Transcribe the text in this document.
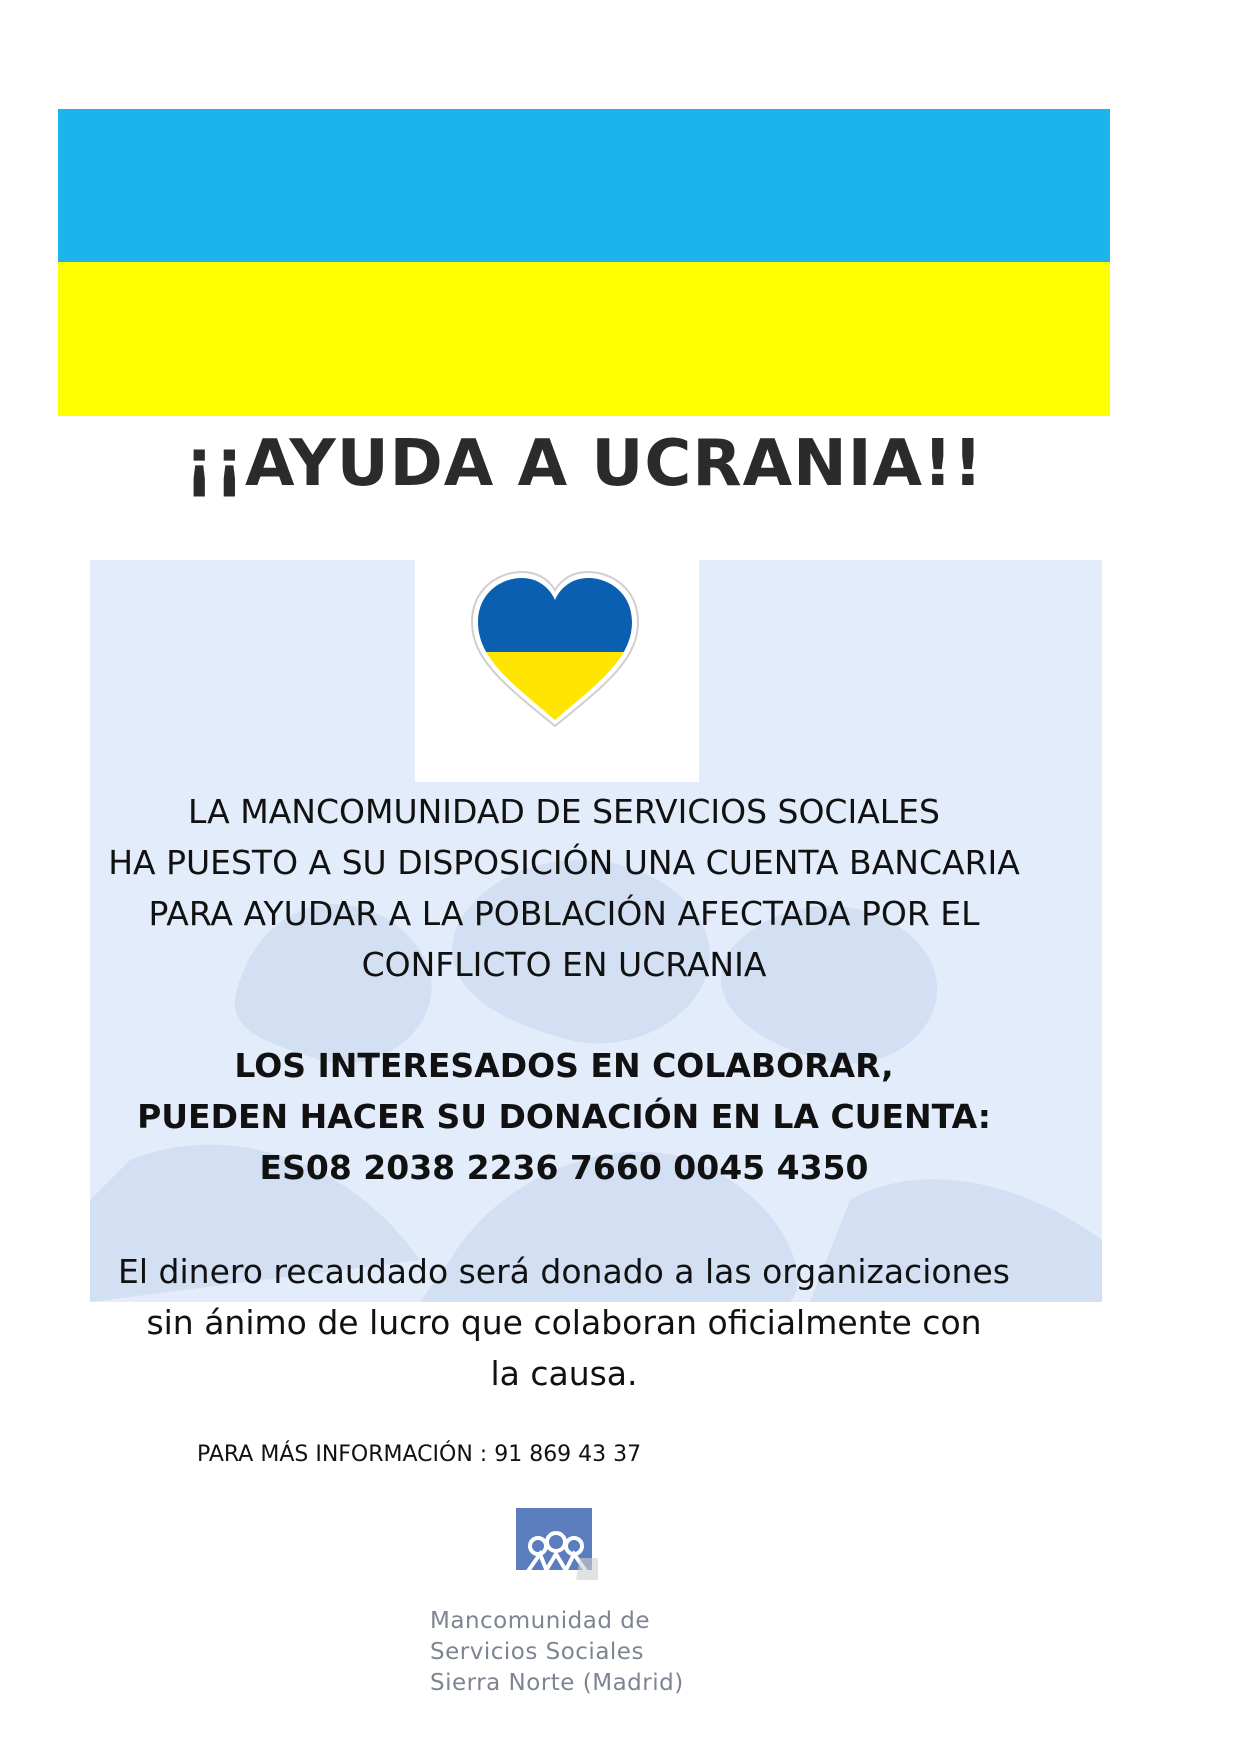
¡¡AYUDA A UCRANIA!!
LA MANCOMUNIDAD DE SERVICIOS SOCIALES
HA PUESTO A SU DISPOSICIÓN UNA CUENTA BANCARIA
PARA AYUDAR A LA POBLACIÓN AFECTADA POR EL
CONFLICTO EN UCRANIA
LOS INTERESADOS EN COLABORAR,
PUEDEN HACER SU DONACIÓN EN LA CUENTA:
ES08 2038 2236 7660 0045 4350
El dinero recaudado será donado a las organizaciones
sin ánimo de lucro que colaboran oficialmente con
la causa.
PARA MÁS INFORMACIÓN : 91 869 43 37
Mancomunidad de
Servicios Sociales
Sierra Norte (Madrid)
